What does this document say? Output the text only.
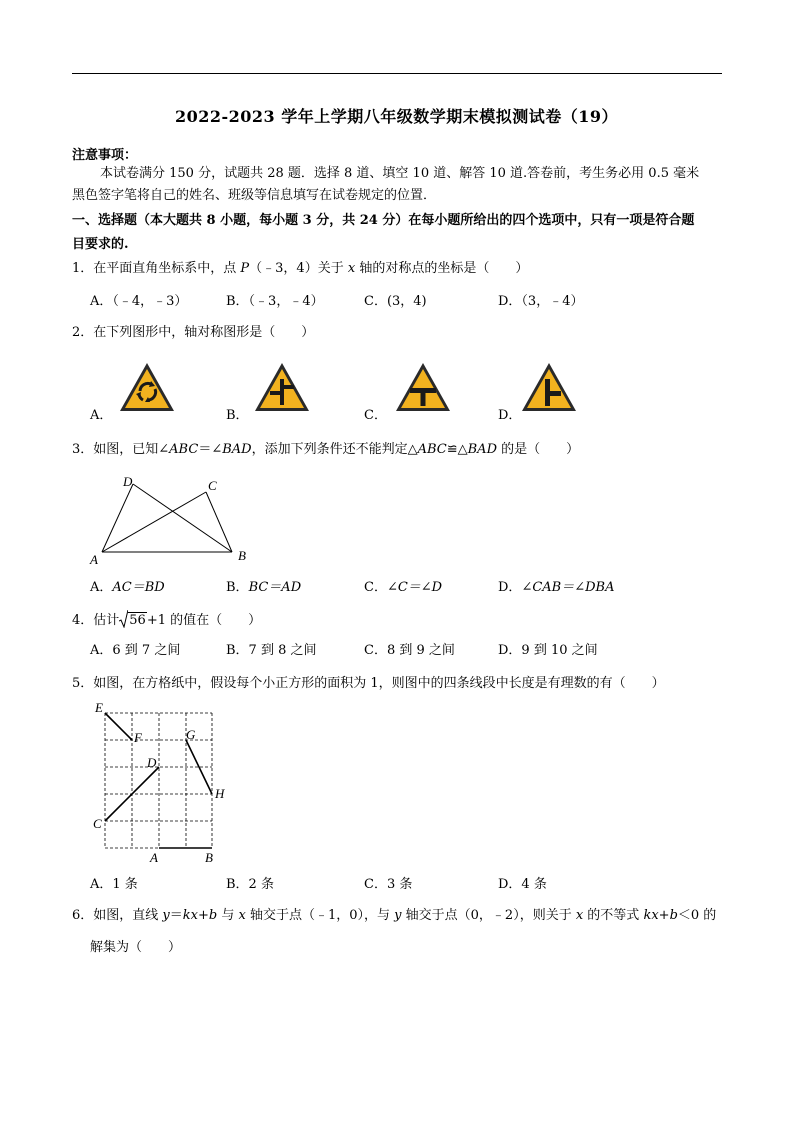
2022-2023 学年上学期八年级数学期末模拟测试卷（19）
注意事项：
本试卷满分 150 分，试题共 28 题．选择 8 道、填空 10 道、解答 10 道.答卷前，考生务必用 0.5 毫米
黑色签字笔将自己的姓名、班级等信息填写在试卷规定的位置．
一、选择题（本大题共 8 小题，每小题 3 分，共 24 分）在每小题所给出的四个选项中，只有一项是符合题
目要求的.
1．在平面直角坐标系中，点 P（﹣3，4）关于 x 轴的对称点的坐标是（　　）
A．（﹣4，﹣3）	B．（﹣3，﹣4）	C．(3，4)	D．（3，﹣4）
2．在下列图形中，轴对称图形是（　　）
A．	B．	C．	D．
3．如图，已知∠ABC＝∠BAD，添加下列条件还不能判定△ABC≌△BAD 的是（　　）
D	C
A	B
A．AC＝BD	B．BC＝AD	C．∠C＝∠D	D．∠CAB＝∠DBA
4．估计 56+1 的值在（　　）
A．6 到 7 之间	B．7 到 8 之间	C．8 到 9 之间	D．9 到 10 之间
5．如图，在方格纸中，假设每个小正方形的面积为 1，则图中的四条线段中长度是有理数的有（　　）
E
F	G
D
H
C
A	B
A．1 条	B．2 条	C．3 条	D．4 条
6．如图，直线 y＝kx+b 与 x 轴交于点（﹣1，0），与 y 轴交于点（0，﹣2），则关于 x 的不等式 kx+b＜0 的
解集为（　　）
